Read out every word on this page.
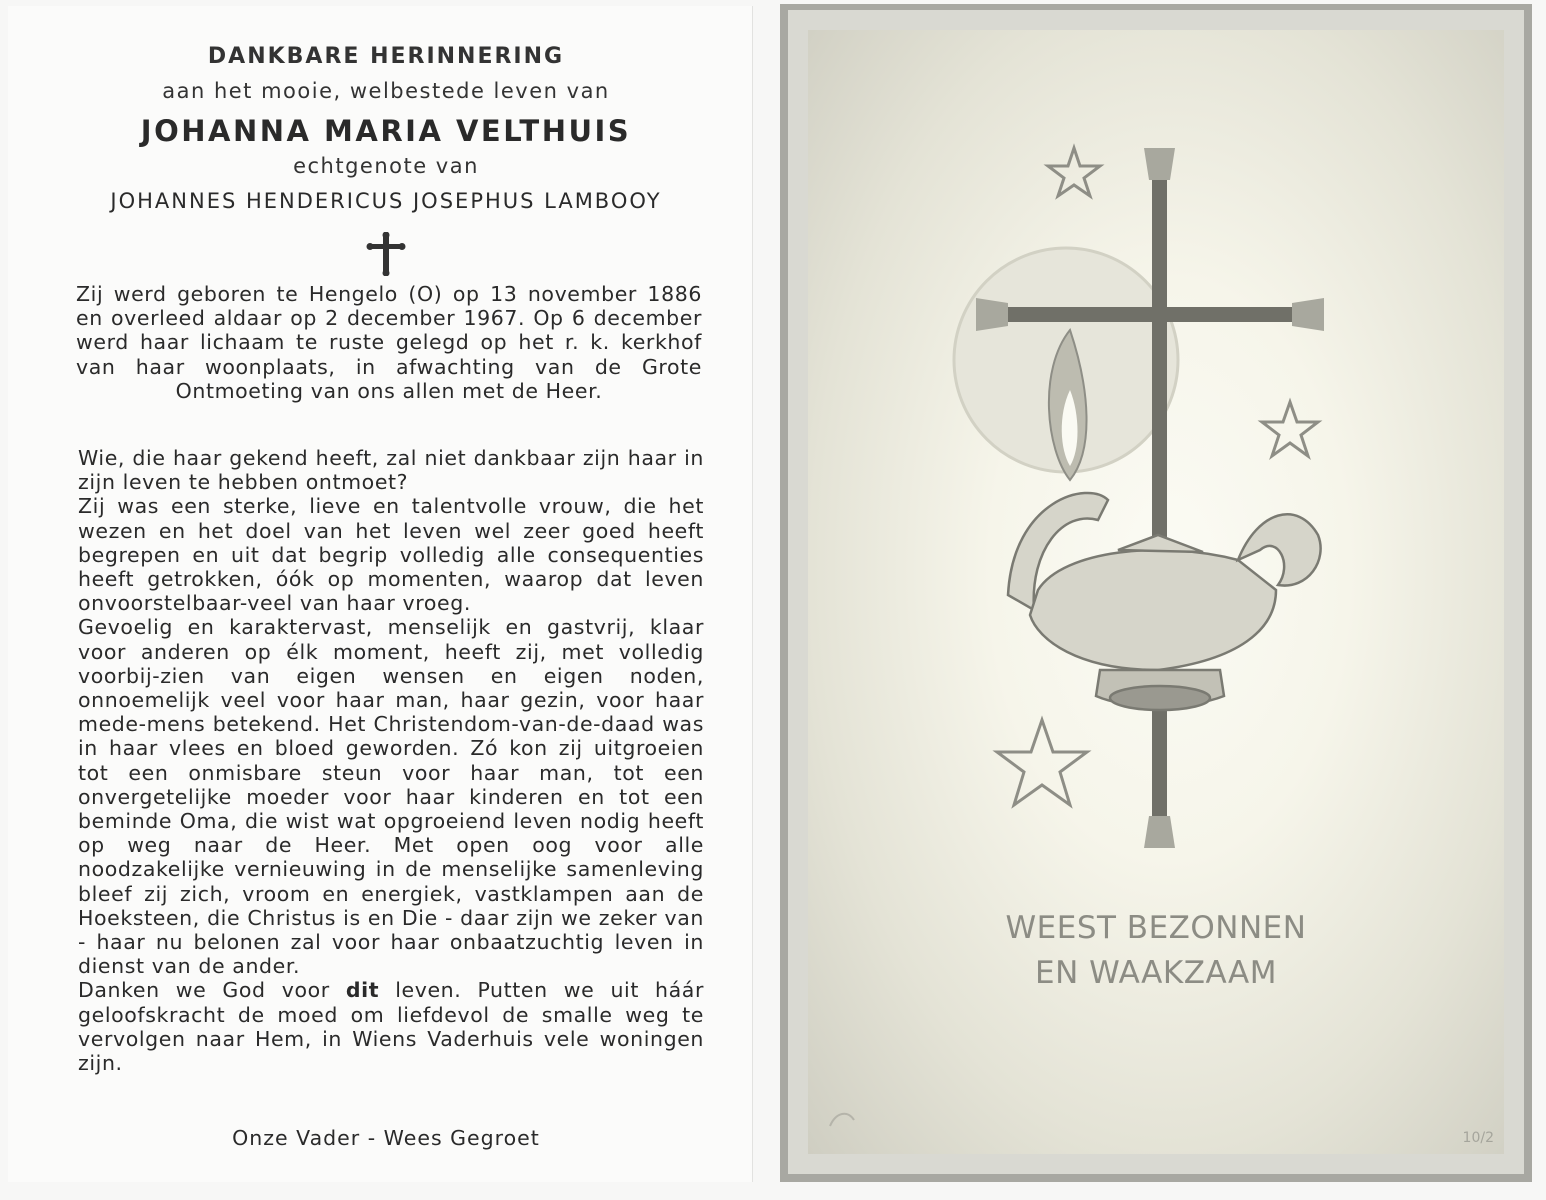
DANKBARE HERINNERING
aan het mooie, welbestede leven van
JOHANNA MARIA VELTHUIS
echtgenote van
JOHANNES HENDERICUS JOSEPHUS LAMBOOY
Zij werd geboren te Hengelo (O) op 13 november 1886 en overleed aldaar op 2 december 1967. Op 6 december werd haar lichaam te ruste gelegd op het r. k. kerkhof van haar woonplaats, in afwachting van de Grote Ontmoeting van ons allen met de Heer.
Wie, die haar gekend heeft, zal niet dankbaar zijn haar in zijn leven te hebben ontmoet?
Zij was een sterke, lieve en talentvolle vrouw, die het wezen en het doel van het leven wel zeer goed heeft begrepen en uit dat begrip volledig alle consequenties heeft getrokken, óók op momenten, waarop dat leven onvoorstelbaar-veel van haar vroeg.
Gevoelig en karaktervast, menselijk en gastvrij, klaar voor anderen op élk moment, heeft zij, met volledig voorbij-zien van eigen wensen en eigen noden, onnoemelijk veel voor haar man, haar gezin, voor haar mede-mens betekend. Het Christendom-van-de-daad was in haar vlees en bloed geworden. Zó kon zij uitgroeien tot een onmisbare steun voor haar man, tot een onvergetelijke moeder voor haar kinderen en tot een beminde Oma, die wist wat opgroeiend leven nodig heeft op weg naar de Heer. Met open oog voor alle noodzakelijke vernieuwing in de menselijke samenleving bleef zij zich, vroom en energiek, vastklampen aan de Hoeksteen, die Christus is en Die - daar zijn we zeker van - haar nu belonen zal voor haar onbaatzuchtig leven in dienst van de ander.
Danken we God voor dit leven. Putten we uit háár geloofskracht de moed om liefdevol de smalle weg te vervolgen naar Hem, in Wiens Vaderhuis vele woningen zijn.
Onze Vader - Wees Gegroet
WEEST BEZONNEN
EN WAAKZAAM
10/2
